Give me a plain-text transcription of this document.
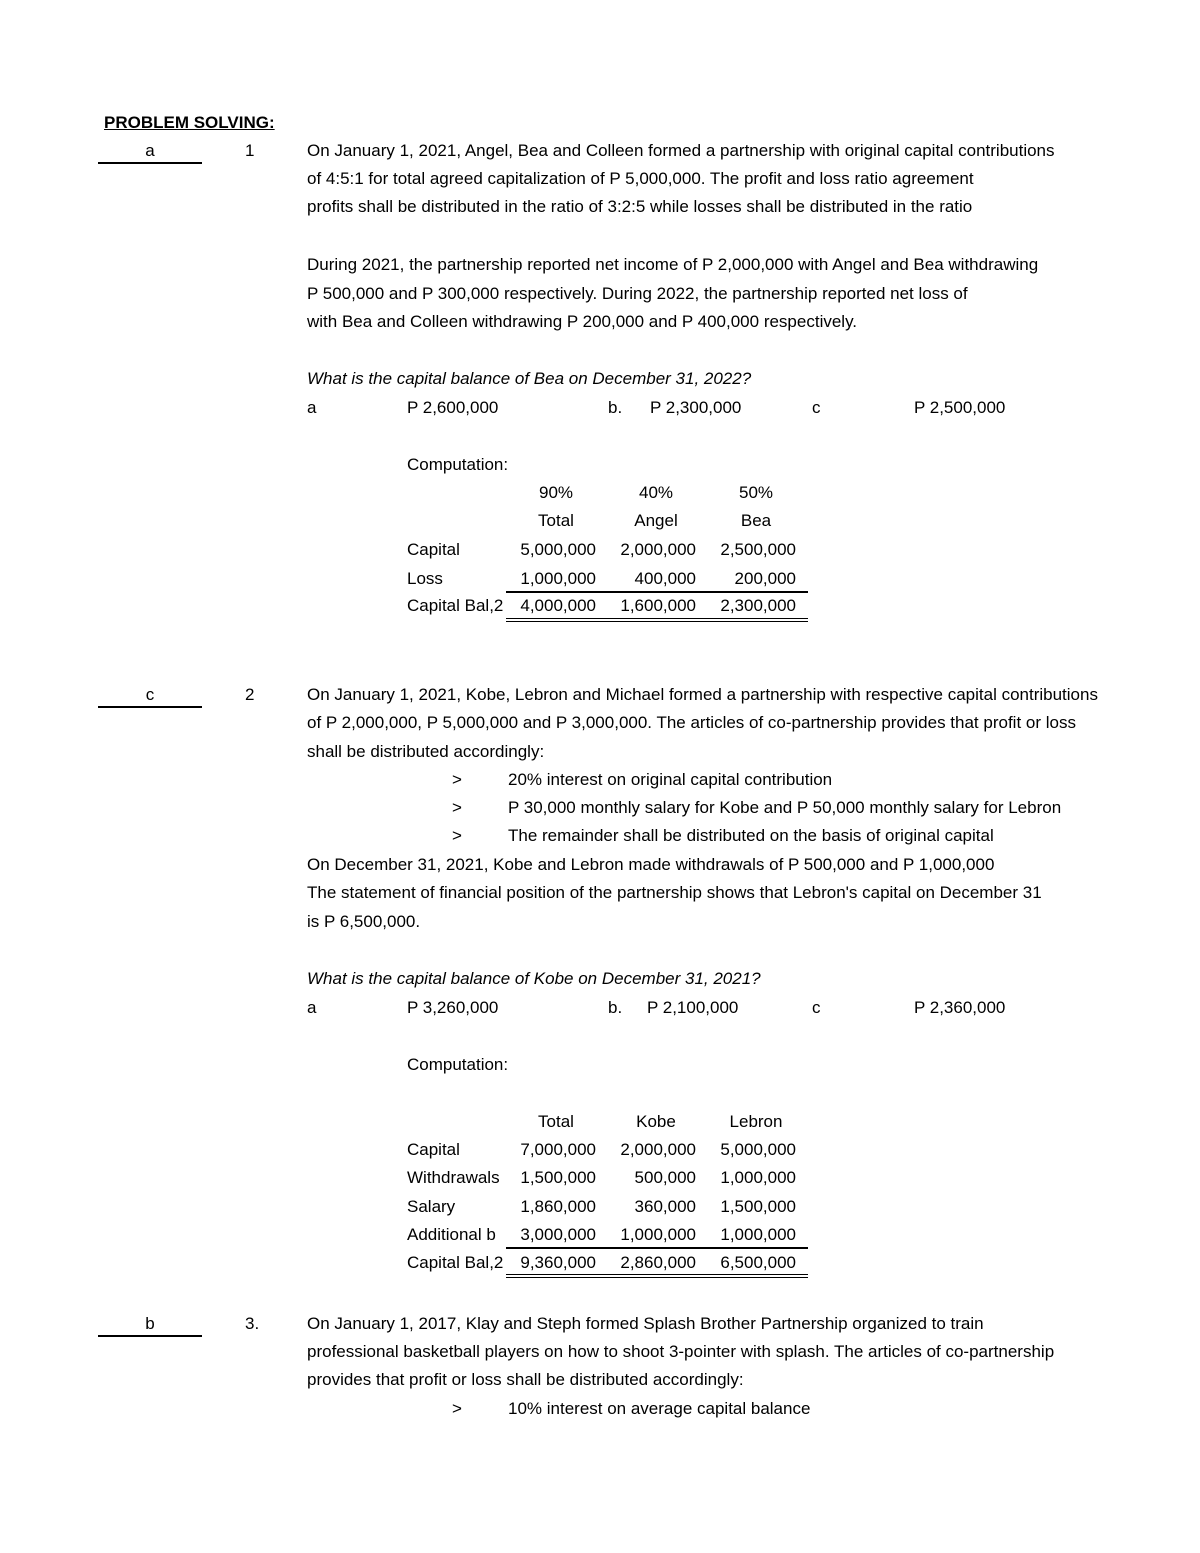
PROBLEM SOLVING:
a	1	On January 1, 2021, Angel, Bea and Colleen formed a partnership with original capital contributions
of 4:5:1 for total agreed capitalization of P 5,000,000. The profit and loss ratio agreement
profits shall be distributed in the ratio of 3:2:5 while losses shall be distributed in the ratio
During 2021, the partnership reported net income of P 2,000,000 with Angel and Bea withdrawing
P 500,000 and P 300,000 respectively. During 2022, the partnership reported net loss of
with Bea and Colleen withdrawing P 200,000 and P 400,000 respectively.
What is the capital balance of Bea on December 31, 2022?
a	P 2,600,000	b. P 2,300,000	c	P 2,500,000
Computation:
90%	40%	50%
Total	Angel	Bea
Capital	5,000,000	2,000,000	2,500,000
Loss	1,000,000	400,000	200,000
Capital Bal,2 4,000,000	1,600,000	2,300,000
c	2	On January 1, 2021, Kobe, Lebron and Michael formed a partnership with respective capital contributions
of P 2,000,000, P 5,000,000 and P 3,000,000. The articles of co-partnership provides that profit or loss
shall be distributed accordingly:
>	20% interest on original capital contribution
>	P 30,000 monthly salary for Kobe and P 50,000 monthly salary for Lebron
>	The remainder shall be distributed on the basis of original capital
On December 31, 2021, Kobe and Lebron made withdrawals of P 500,000 and P 1,000,000
The statement of financial position of the partnership shows that Lebron's capital on December 31
is P 6,500,000.
What is the capital balance of Kobe on December 31, 2021?
a	P 3,260,000	b. P 2,100,000	c	P 2,360,000
Computation:
Total	Kobe	Lebron
Capital	7,000,000	2,000,000	5,000,000
Withdrawals	1,500,000	500,000	1,000,000
Salary	1,860,000	360,000	1,500,000
Additional b	3,000,000	1,000,000	1,000,000
Capital Bal,2 9,360,000	2,860,000	6,500,000
b	3.	On January 1, 2017, Klay and Steph formed Splash Brother Partnership organized to train
professional basketball players on how to shoot 3-pointer with splash. The articles of co-partnership
provides that profit or loss shall be distributed accordingly:
>	10% interest on average capital balance
